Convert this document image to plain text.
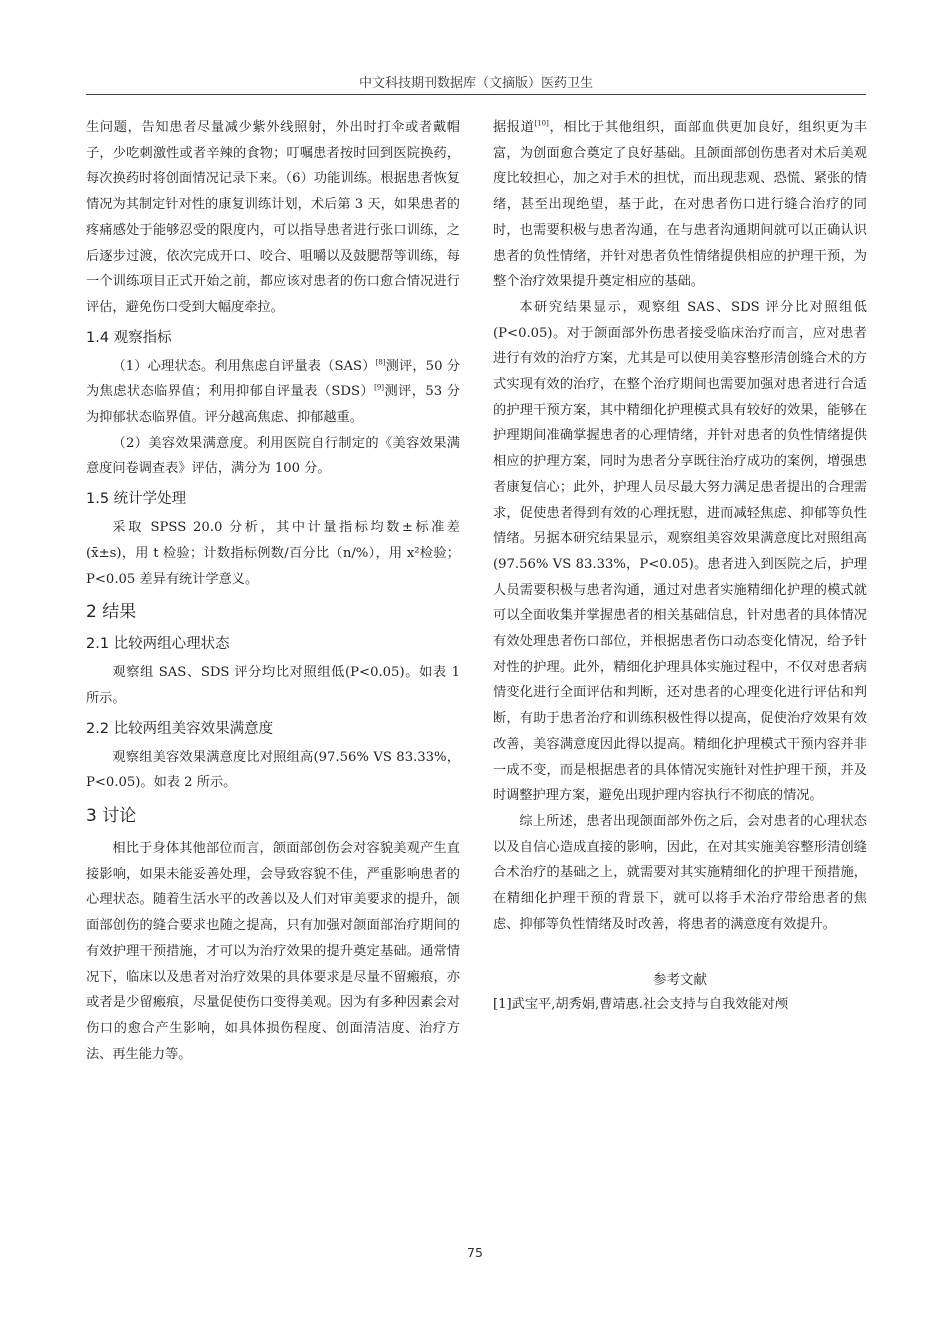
中文科技期刊数据库（文摘版）医药卫生

生问题，告知患者尽量减少紫外线照射，外出时打伞或者戴帽子，少吃刺激性或者辛辣的食物；叮嘱患者按时回到医院换药，每次换药时将创面情况记录下来。（6）功能训练。根据患者恢复情况为其制定针对性的康复训练计划，术后第 3 天，如果患者的疼痛感处于能够忍受的限度内，可以指导患者进行张口训练，之后逐步过渡，依次完成开口、咬合、咀嚼以及鼓腮帮等训练，每一个训练项目正式开始之前，都应该对患者的伤口愈合情况进行评估，避免伤口受到大幅度牵拉。

1.4 观察指标

（1）心理状态。利用焦虑自评量表（SAS）[8]测评，50 分为焦虑状态临界值；利用抑郁自评量表（SDS）[9]测评，53 分为抑郁状态临界值。评分越高焦虑、抑郁越重。

（2）美容效果满意度。利用医院自行制定的《美容效果满意度问卷调查表》评估，满分为 100 分。

1.5 统计学处理

采取 SPSS 20.0 分析，其中计量指标均数±标准差(x̄±s)，用 t 检验；计数指标例数/百分比（n/%），用 x²检验；P<0.05 差异有统计学意义。

2 结果
2.1 比较两组心理状态

观察组 SAS、SDS 评分均比对照组低(P<0.05)。如表 1 所示。

2.2 比较两组美容效果满意度

观察组美容效果满意度比对照组高(97.56% VS 83.33%，P<0.05)。如表 2 所示。

3 讨论

相比于身体其他部位而言，颌面部创伤会对容貌美观产生直接影响，如果未能妥善处理，会导致容貌不佳，严重影响患者的心理状态。随着生活水平的改善以及人们对审美要求的提升，颌面部创伤的缝合要求也随之提高，只有加强对颌面部治疗期间的有效护理干预措施，才可以为治疗效果的提升奠定基础。通常情况下，临床以及患者对治疗效果的具体要求是尽量不留瘢痕，亦或者是少留瘢痕，尽量促使伤口变得美观。因为有多种因素会对伤口的愈合产生影响，如具体损伤程度、创面清洁度、治疗方法、再生能力等。

据报道[10]，相比于其他组织，面部血供更加良好，组织更为丰富，为创面愈合奠定了良好基础。且颌面部创伤患者对术后美观度比较担心，加之对手术的担忧，而出现悲观、恐慌、紧张的情绪，甚至出现绝望，基于此，在对患者伤口进行缝合治疗的同时，也需要积极与患者沟通，在与患者沟通期间就可以正确认识患者的负性情绪，并针对患者负性情绪提供相应的护理干预，为整个治疗效果提升奠定相应的基础。

本研究结果显示，观察组 SAS、SDS 评分比对照组低(P<0.05)。对于颌面部外伤患者接受临床治疗而言，应对患者进行有效的治疗方案，尤其是可以使用美容整形清创缝合术的方式实现有效的治疗，在整个治疗期间也需要加强对患者进行合适的护理干预方案，其中精细化护理模式具有较好的效果，能够在护理期间准确掌握患者的心理情绪，并针对患者的负性情绪提供相应的护理方案，同时为患者分享既往治疗成功的案例，增强患者康复信心；此外，护理人员尽最大努力满足患者提出的合理需求，促使患者得到有效的心理抚慰，进而减轻焦虑、抑郁等负性情绪。另据本研究结果显示，观察组美容效果满意度比对照组高(97.56% VS 83.33%，P<0.05)。患者进入到医院之后，护理人员需要积极与患者沟通，通过对患者实施精细化护理的模式就可以全面收集并掌握患者的相关基础信息，针对患者的具体情况有效处理患者伤口部位，并根据患者伤口动态变化情况，给予针对性的护理。此外，精细化护理具体实施过程中，不仅对患者病情变化进行全面评估和判断，还对患者的心理变化进行评估和判断，有助于患者治疗和训练积极性得以提高，促使治疗效果有效改善，美容满意度因此得以提高。精细化护理模式干预内容并非一成不变，而是根据患者的具体情况实施针对性护理干预，并及时调整护理方案，避免出现护理内容执行不彻底的情况。

综上所述，患者出现颌面部外伤之后，会对患者的心理状态以及自信心造成直接的影响，因此，在对其实施美容整形清创缝合术治疗的基础之上，就需要对其实施精细化的护理干预措施，在精细化护理干预的背景下，就可以将手术治疗带给患者的焦虑、抑郁等负性情绪及时改善，将患者的满意度有效提升。

参考文献

[1]武宝平,胡秀娟,曹靖惠.社会支持与自我效能对颅

75
